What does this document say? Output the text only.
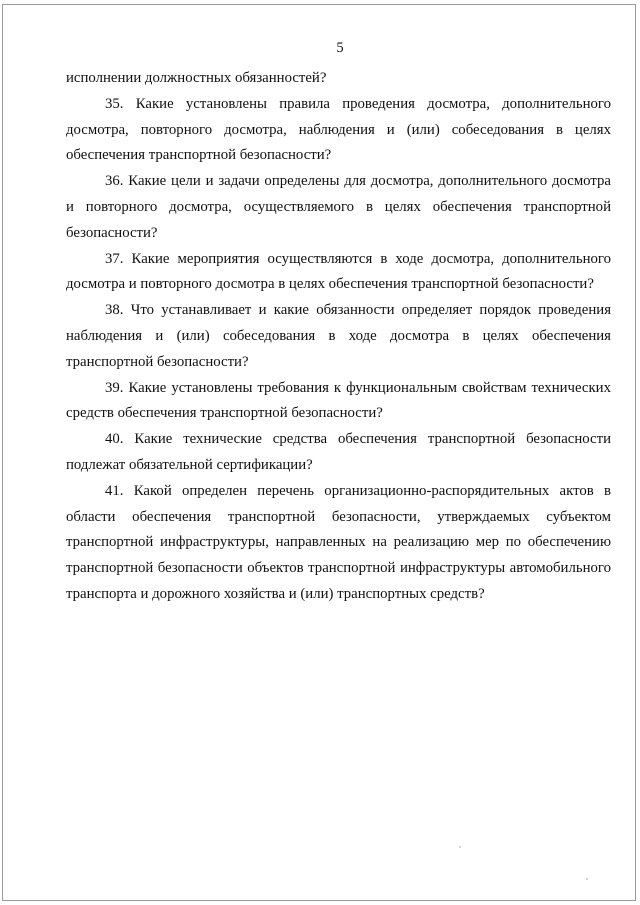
5

исполнении должностных обязанностей?

35. Какие установлены правила проведения досмотра, дополнительного досмотра, повторного досмотра, наблюдения и (или) собеседования в целях обеспечения транспортной безопасности?

36. Какие цели и задачи определены для досмотра, дополнительного досмотра и повторного досмотра, осуществляемого в целях обеспечения транспортной безопасности?

37. Какие мероприятия осуществляются в ходе досмотра, дополнительного досмотра и повторного досмотра в целях обеспечения транспортной безопасности?

38. Что устанавливает и какие обязанности определяет порядок проведения наблюдения и (или) собеседования в ходе досмотра в целях обеспечения транспортной безопасности?

39. Какие установлены требования к функциональным свойствам технических средств обеспечения транспортной безопасности?

40. Какие технические средства обеспечения транспортной безопасности подлежат обязательной сертификации?

41. Какой определен перечень организационно-распорядительных актов в области обеспечения транспортной безопасности, утверждаемых субъектом транспортной инфраструктуры, направленных на реализацию мер по обеспечению транспортной безопасности объектов транспортной инфраструктуры автомобильного транспорта и дорожного хозяйства и (или) транспортных средств?
